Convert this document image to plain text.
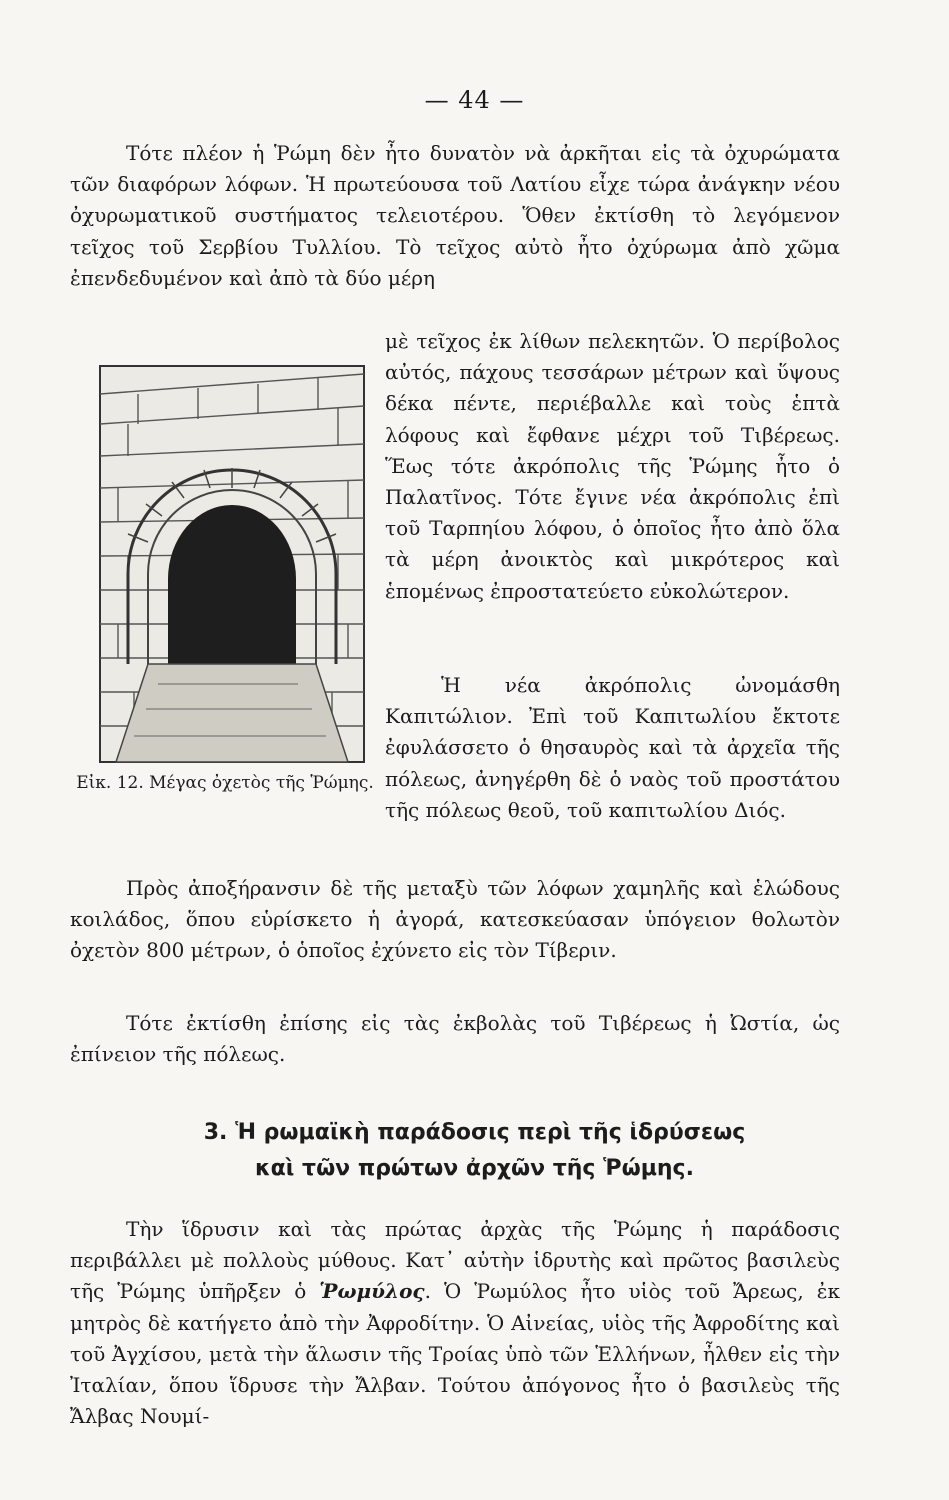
— 44 —
Τότε πλέον ἡ Ῥώμη δὲν ἦτο δυνατὸν νὰ ἀρκῆται εἰς τὰ ὀχυρώματα τῶν διαφόρων λόφων. Ἡ πρωτεύουσα τοῦ Λατίου εἶχε τώρα ἀνάγκην νέου ὀχυρωματικοῦ συστήματος τελειοτέρου. Ὅθεν ἐκτίσθη τὸ λεγόμενον τεῖχος τοῦ Σερβίου Τυλλίου. Τὸ τεῖχος αὐτὸ ἦτο ὀχύρωμα ἀπὸ χῶμα ἐπενδεδυμένον καὶ ἀπὸ τὰ δύο μέρη
μὲ τεῖχος ἐκ λίθων πελεκητῶν. Ὁ περίβολος αὐτός, πάχους τεσσάρων μέτρων καὶ ὕψους δέκα πέντε, περιέβαλλε καὶ τοὺς ἑπτὰ λόφους καὶ ἔφθανε μέχρι τοῦ Τιβέρεως. Ἕως τότε ἀκρόπολις τῆς Ῥώμης ἦτο ὁ Παλατῖνος. Τότε ἔγινε νέα ἀκρόπολις ἐπὶ τοῦ Ταρπηίου λόφου, ὁ ὁποῖος ἦτο ἀπὸ ὅλα τὰ μέρη ἀνοικτὸς καὶ μικρότερος καὶ ἑπομένως ἐπροστατεύετο εὐκολώτερον.
Εἰκ. 12. Μέγας ὀχετὸς τῆς Ῥώμης.
Ἡ νέα ἀκρόπολις ὠνομάσθη Καπιτώλιον. Ἐπὶ τοῦ Καπιτωλίου ἔκτοτε ἐφυλάσσετο ὁ θησαυρὸς καὶ τὰ ἀρχεῖα τῆς πόλεως, ἀνηγέρθη δὲ ὁ ναὸς τοῦ προστάτου τῆς πόλεως θεοῦ, τοῦ καπιτωλίου Διός.
Πρὸς ἀποξήρανσιν δὲ τῆς μεταξὺ τῶν λόφων χαμηλῆς καὶ ἑλώδους κοιλάδος, ὅπου εὑρίσκετο ἡ ἀγορά, κατεσκεύασαν ὑπόγειον θολωτὸν ὀχετὸν 800 μέτρων, ὁ ὁποῖος ἐχύνετο εἰς τὸν Τίβεριν.
Τότε ἐκτίσθη ἐπίσης εἰς τὰς ἐκβολὰς τοῦ Τιβέρεως ἡ Ὠστία, ὡς ἐπίνειον τῆς πόλεως.
3. Ἡ ρωμαϊκὴ παράδοσις περὶ τῆς ἱδρύσεως
καὶ τῶν πρώτων ἀρχῶν τῆς Ῥώμης.
Τὴν ἵδρυσιν καὶ τὰς πρώτας ἀρχὰς τῆς Ῥώμης ἡ παράδοσις περιβάλλει μὲ πολλοὺς μύθους. Κατ᾽ αὐτὴν ἱδρυτὴς καὶ πρῶτος βασιλεὺς τῆς Ῥώμης ὑπῆρξεν ὁ Ῥωμύλος. Ὁ Ῥωμύλος ἦτο υἱὸς τοῦ Ἄρεως, ἐκ μητρὸς δὲ κατήγετο ἀπὸ τὴν Ἀφροδίτην. Ὁ Αἰνείας, υἱὸς τῆς Ἀφροδίτης καὶ τοῦ Ἀγχίσου, μετὰ τὴν ἅλωσιν τῆς Τροίας ὑπὸ τῶν Ἑλλήνων, ἦλθεν εἰς τὴν Ἰταλίαν, ὅπου ἵδρυσε τὴν Ἄλβαν. Τούτου ἀπόγονος ἦτο ὁ βασιλεὺς τῆς Ἄλβας Νουμί-
